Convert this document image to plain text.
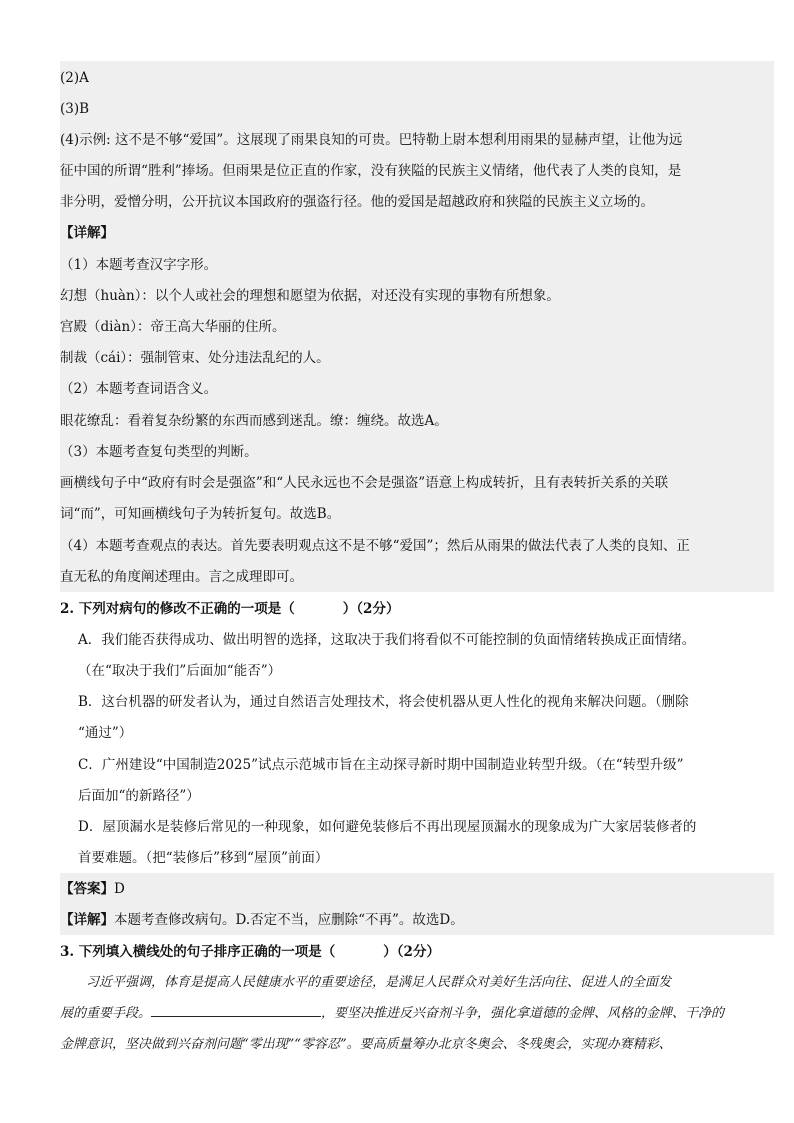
(2)A
(3)B
(4)示例: 这不是不够“爱国”。这展现了雨果良知的可贵。巴特勒上尉本想利用雨果的显赫声望，让他为远
征中国的所谓“胜利”捧场。但雨果是位正直的作家，没有狭隘的民族主义情绪，他代表了人类的良知，是
非分明，爱憎分明，公开抗议本国政府的强盗行径。他的爱国是超越政府和狭隘的民族主义立场的。
【详解】
（1）本题考查汉字字形。
幻想（huàn）：以个人或社会的理想和愿望为依据，对还没有实现的事物有所想象。
宫殿（diàn）：帝王高大华丽的住所。
制裁（cái）：强制管束、处分违法乱纪的人。
（2）本题考查词语含义。
眼花缭乱：看着复杂纷繁的东西而感到迷乱。缭：缠绕。故选A。
（3）本题考查复句类型的判断。
画横线句子中“政府有时会是强盗”和“人民永远也不会是强盗”语意上构成转折，且有表转折关系的关联
词“而”，可知画横线句子为转折复句。故选B。
（4）本题考查观点的表达。首先要表明观点这不是不够“爱国”；然后从雨果的做法代表了人类的良知、正
直无私的角度阐述理由。言之成理即可。
2. 下列对病句的修改不正确的一项是（	）（2分）
A．我们能否获得成功、做出明智的选择，这取决于我们将看似不可能控制的负面情绪转换成正面情绪。
（在“取决于我们”后面加“能否”）
B．这台机器的研发者认为，通过自然语言处理技术，将会使机器从更人性化的视角来解决问题。（删除
“通过”）
C．广州建设“中国制造2025”试点示范城市旨在主动探寻新时期中国制造业转型升级。（在“转型升级”
后面加“的新路径”）
D．屋顶漏水是装修后常见的一种现象，如何避免装修后不再出现屋顶漏水的现象成为广大家居装修者的
首要难题。（把“装修后”移到“屋顶”前面）
【答案】D
【详解】本题考查修改病句。D.否定不当，应删除“不再”。故选D。
3. 下列填入横线处的句子排序正确的一项是（	）（2分）
习近平强调，体育是提高人民健康水平的重要途径，是满足人民群众对美好生活向往、促进人的全面发
展的重要手段。	，要坚决推进反兴奋剂斗争，强化拿道德的金牌、风格的金牌、干净的
金牌意识，坚决做到兴奋剂问题“零出现”“零容忍”。要高质量筹办北京冬奥会、冬残奥会，实现办赛精彩、
